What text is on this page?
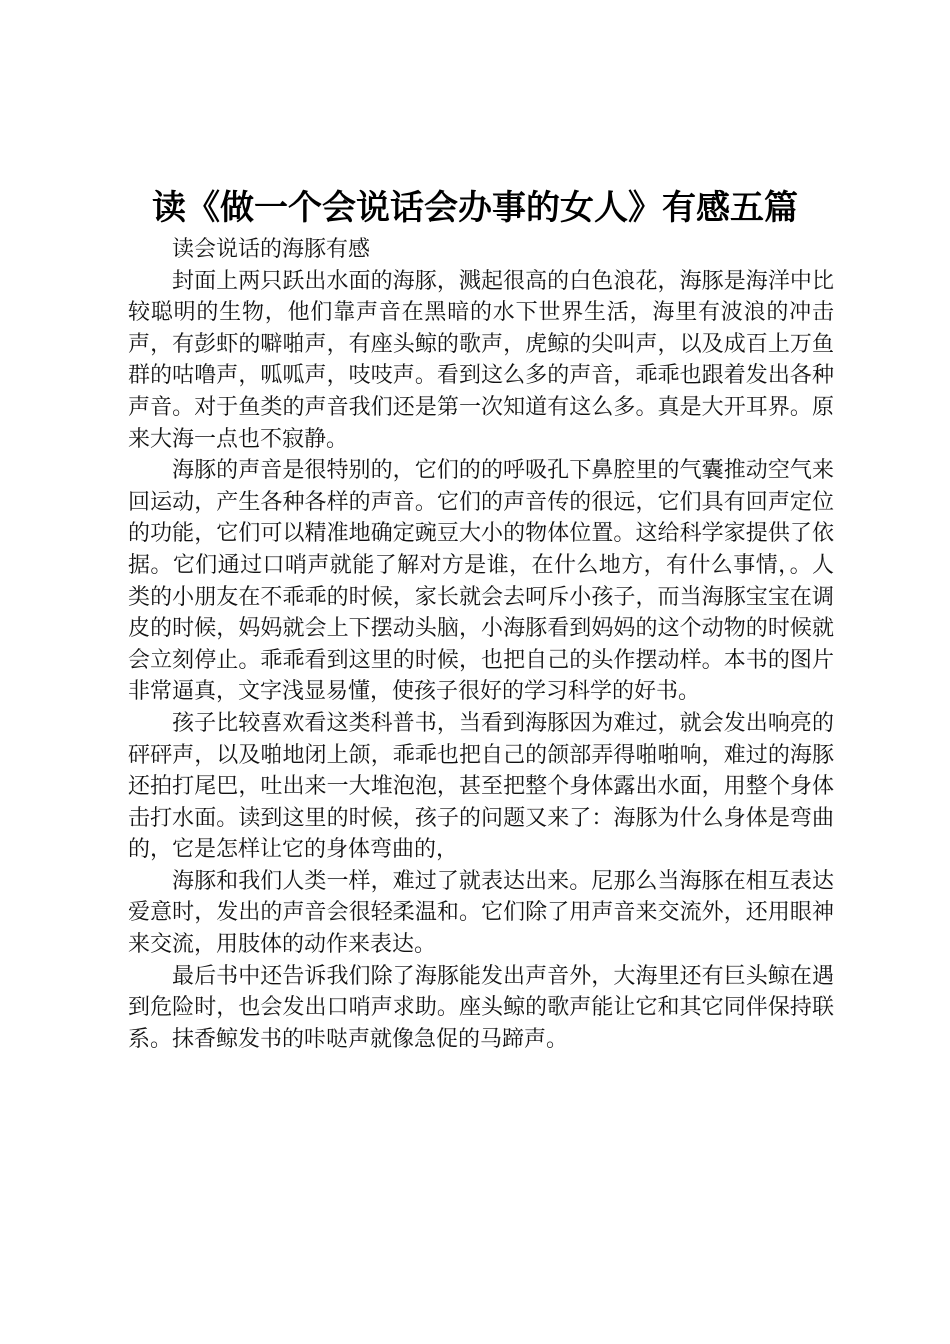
读《做一个会说话会办事的女人》有感五篇

读会说话的海豚有感

封面上两只跃出水面的海豚，溅起很高的白色浪花，海豚是海洋中比较聪明的生物，他们靠声音在黑暗的水下世界生活，海里有波浪的冲击声，有彭虾的噼啪声，有座头鲸的歌声，虎鲸的尖叫声，以及成百上万鱼群的咕噜声，呱呱声，吱吱声。看到这么多的声音，乖乖也跟着发出各种声音。对于鱼类的声音我们还是第一次知道有这么多。真是大开耳界。原来大海一点也不寂静。

海豚的声音是很特别的，它们的的呼吸孔下鼻腔里的气囊推动空气来回运动，产生各种各样的声音。它们的声音传的很远，它们具有回声定位的功能，它们可以精准地确定豌豆大小的物体位置。这给科学家提供了依据。它们通过口哨声就能了解对方是谁，在什么地方，有什么事情，。人类的小朋友在不乖乖的时候，家长就会去呵斥小孩子，而当海豚宝宝在调皮的时候，妈妈就会上下摆动头脑，小海豚看到妈妈的这个动物的时候就会立刻停止。乖乖看到这里的时候，也把自己的头作摆动样。本书的图片非常逼真，文字浅显易懂，使孩子很好的学习科学的好书。

孩子比较喜欢看这类科普书，当看到海豚因为难过，就会发出响亮的砰砰声，以及啪地闭上颌，乖乖也把自己的颌部弄得啪啪响，难过的海豚还拍打尾巴，吐出来一大堆泡泡，甚至把整个身体露出水面，用整个身体击打水面。读到这里的时候，孩子的问题又来了：海豚为什么身体是弯曲的，它是怎样让它的身体弯曲的，

海豚和我们人类一样，难过了就表达出来。尼那么当海豚在相互表达爱意时，发出的声音会很轻柔温和。它们除了用声音来交流外，还用眼神来交流，用肢体的动作来表达。

最后书中还告诉我们除了海豚能发出声音外，大海里还有巨头鲸在遇到危险时，也会发出口哨声求助。座头鲸的歌声能让它和其它同伴保持联系。抹香鲸发书的咔哒声就像急促的马蹄声。
